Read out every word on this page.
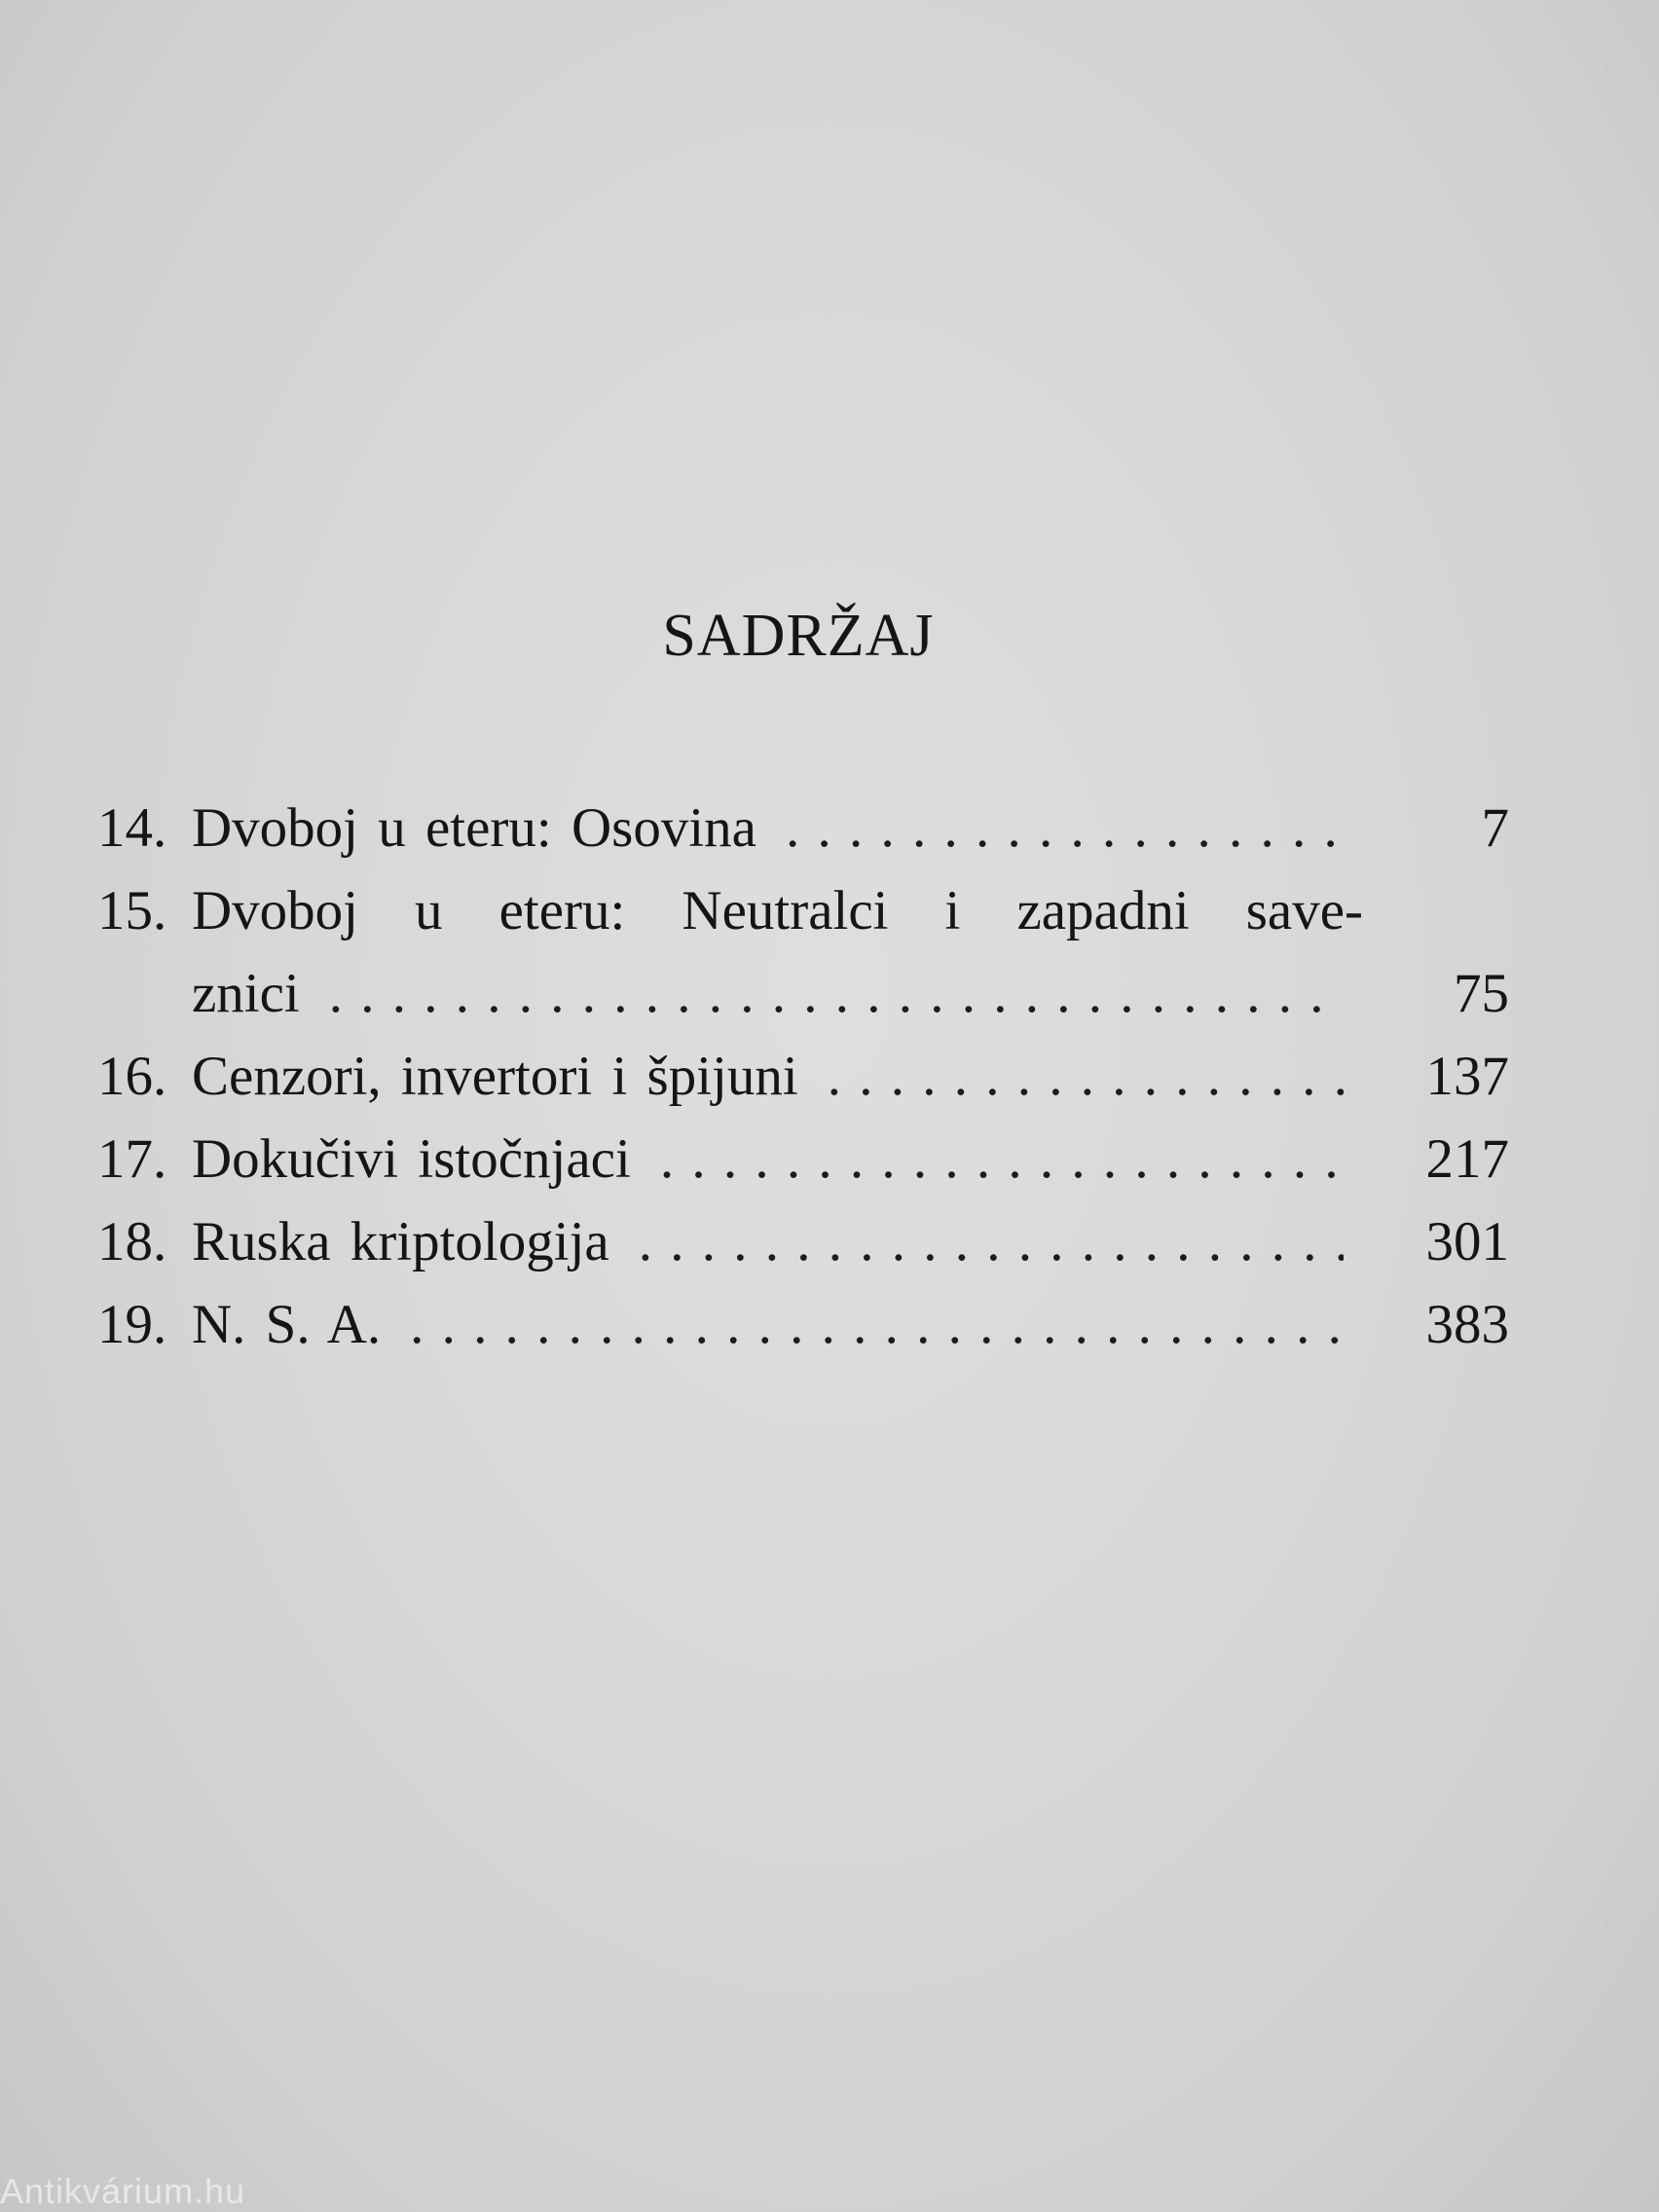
SADRŽAJ
14. Dvoboj u eteru: Osovina . . .	7
15. Dvoboj u eteru: Neutralci i zapadni save-
znici . . .	75
16. Cenzori, invertori i špijuni . . .	137
17. Dokučivi istočnjaci . . .	217
18. Ruska kriptologija . . .	301
19. N. S. A. . . .	383
Antikvárium.hu
